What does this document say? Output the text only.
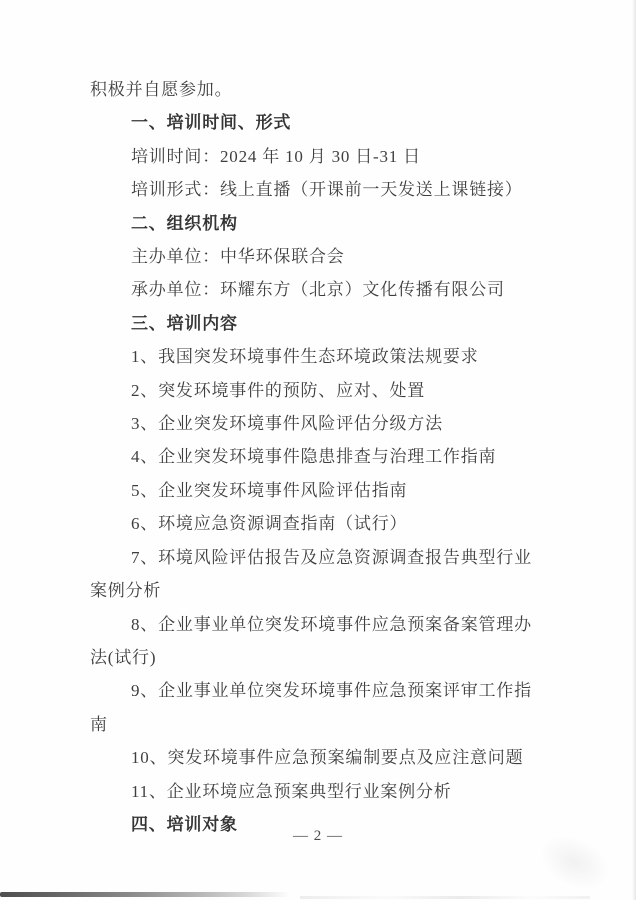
积极并自愿参加。

一、培训时间、形式

培训时间：2024 年 10 月 30 日-31 日

培训形式：线上直播（开课前一天发送上课链接）

二、组织机构

主办单位：中华环保联合会

承办单位：环耀东方（北京）文化传播有限公司

三、培训内容

1、我国突发环境事件生态环境政策法规要求

2、突发环境事件的预防、应对、处置

3、企业突发环境事件风险评估分级方法

4、企业突发环境事件隐患排查与治理工作指南

5、企业突发环境事件风险评估指南

6、环境应急资源调查指南（试行）

7、环境风险评估报告及应急资源调查报告典型行业案例分析

8、企业事业单位突发环境事件应急预案备案管理办法(试行)

9、企业事业单位突发环境事件应急预案评审工作指南

10、突发环境事件应急预案编制要点及应注意问题

11、企业环境应急预案典型行业案例分析

四、培训对象
— 2 —
